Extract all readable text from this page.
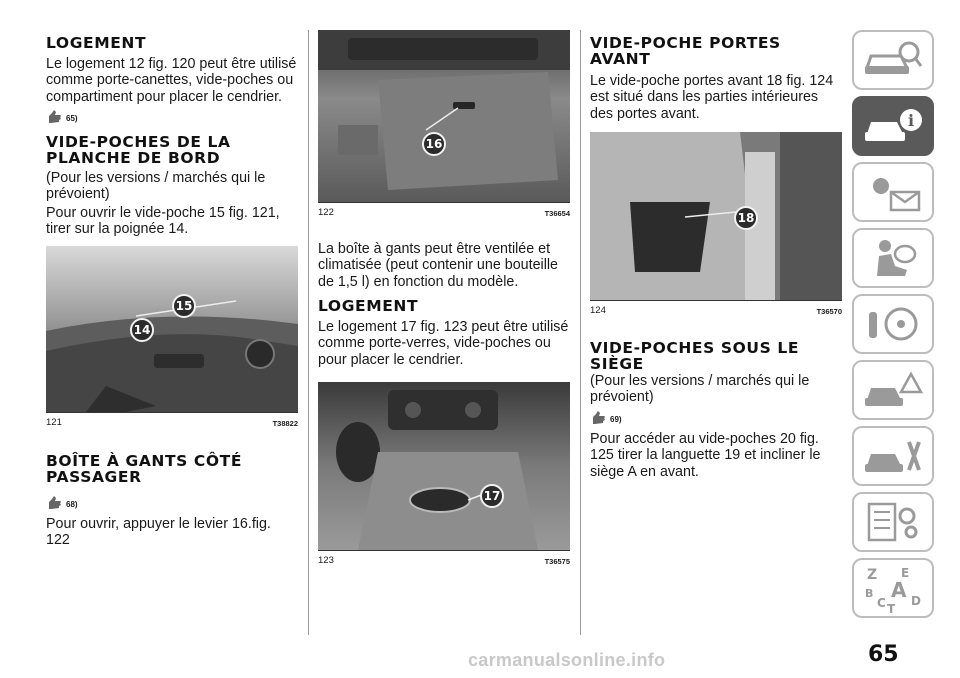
LOGEMENT

Le logement 12 fig. 120 peut être utilisé comme porte-canettes, vide-poches ou compartiment pour placer le cendrier.

65)
VIDE-POCHES DE LA PLANCHE DE BORD

(Pour les versions / marchés qui le prévoient)

Pour ouvrir le vide-poche 15 fig. 121, tirer sur la poignée 14.

15
14
121	T38822
BOÎTE À GANTS CÔTÉ PASSAGER
68)

Pour ouvrir, appuyer le levier 16.fig. 122

16
122	T36654

La boîte à gants peut être ventilée et climatisée (peut contenir une bouteille de 1,5 l) en fonction du modèle.

LOGEMENT

Le logement 17 fig. 123 peut être utilisé comme porte-verres, vide-poches ou pour placer le cendrier.

17
123	T36575
VIDE-POCHE PORTES AVANT

Le vide-poche portes avant 18 fig. 124 est situé dans les parties intérieures des portes avant.

18
124	T36570
VIDE-POCHES SOUS LE SIÈGE

(Pour les versions / marchés qui le prévoient)

69)

Pour accéder au vide-poches 20 fig. 125 tirer la languette 19 et incliner le siège A en avant.

i
Z E
B A
C T
D
65
carmanualsonline.info
